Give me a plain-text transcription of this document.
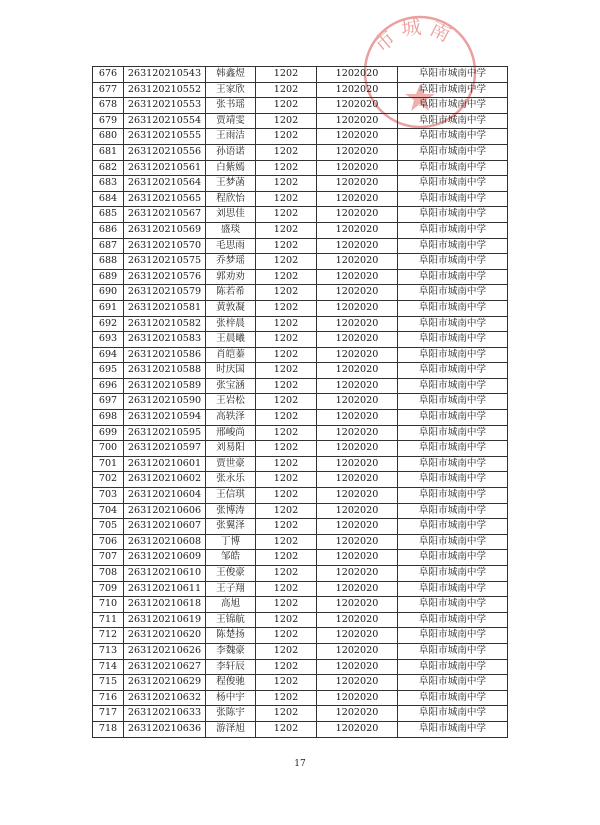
市城南
676	263120210543	韩鑫煜	1202	1202020	阜阳市城南中学
677	263120210552	王家欣	1202	1202020	阜阳市城南中学
678	263120210553	张书瑶	1202	1202020	阜阳市城南中学
679	263120210554	贾靖雯	1202	1202020	阜阳市城南中学
680	263120210555	王雨洁	1202	1202020	阜阳市城南中学
681	263120210556	孙语诺	1202	1202020	阜阳市城南中学
682	263120210561	白紫嫣	1202	1202020	阜阳市城南中学
683	263120210564	王梦菡	1202	1202020	阜阳市城南中学
684	263120210565	程欣怡	1202	1202020	阜阳市城南中学
685	263120210567	刘思佳	1202	1202020	阜阳市城南中学
686	263120210569	盛琰	1202	1202020	阜阳市城南中学
687	263120210570	毛思雨	1202	1202020	阜阳市城南中学
688	263120210575	乔梦瑶	1202	1202020	阜阳市城南中学
689	263120210576	郭劝劝	1202	1202020	阜阳市城南中学
690	263120210579	陈若希	1202	1202020	阜阳市城南中学
691	263120210581	黄敦凝	1202	1202020	阜阳市城南中学
692	263120210582	张梓晨	1202	1202020	阜阳市城南中学
693	263120210583	王晨曦	1202	1202020	阜阳市城南中学
694	263120210586	肖皑蓁	1202	1202020	阜阳市城南中学
695	263120210588	时庆国	1202	1202020	阜阳市城南中学
696	263120210589	张宝涵	1202	1202020	阜阳市城南中学
697	263120210590	王岩松	1202	1202020	阜阳市城南中学
698	263120210594	高轶泽	1202	1202020	阜阳市城南中学
699	263120210595	邢峻尚	1202	1202020	阜阳市城南中学
700	263120210597	刘易阳	1202	1202020	阜阳市城南中学
701	263120210601	贾世豪	1202	1202020	阜阳市城南中学
702	263120210602	张永乐	1202	1202020	阜阳市城南中学
703	263120210604	王信琪	1202	1202020	阜阳市城南中学
704	263120210606	张博涛	1202	1202020	阜阳市城南中学
705	263120210607	张翼泽	1202	1202020	阜阳市城南中学
706	263120210608	丁博	1202	1202020	阜阳市城南中学
707	263120210609	邹皓	1202	1202020	阜阳市城南中学
708	263120210610	王俊豪	1202	1202020	阜阳市城南中学
709	263120210611	王子翔	1202	1202020	阜阳市城南中学
710	263120210618	高旭	1202	1202020	阜阳市城南中学
711	263120210619	王锦航	1202	1202020	阜阳市城南中学
712	263120210620	陈楚扬	1202	1202020	阜阳市城南中学
713	263120210626	李魏豪	1202	1202020	阜阳市城南中学
714	263120210627	李轩辰	1202	1202020	阜阳市城南中学
715	263120210629	程俊驰	1202	1202020	阜阳市城南中学
716	263120210632	杨中宇	1202	1202020	阜阳市城南中学
717	263120210633	张陈宇	1202	1202020	阜阳市城南中学
718	263120210636	游泽旭	1202	1202020	阜阳市城南中学
17
